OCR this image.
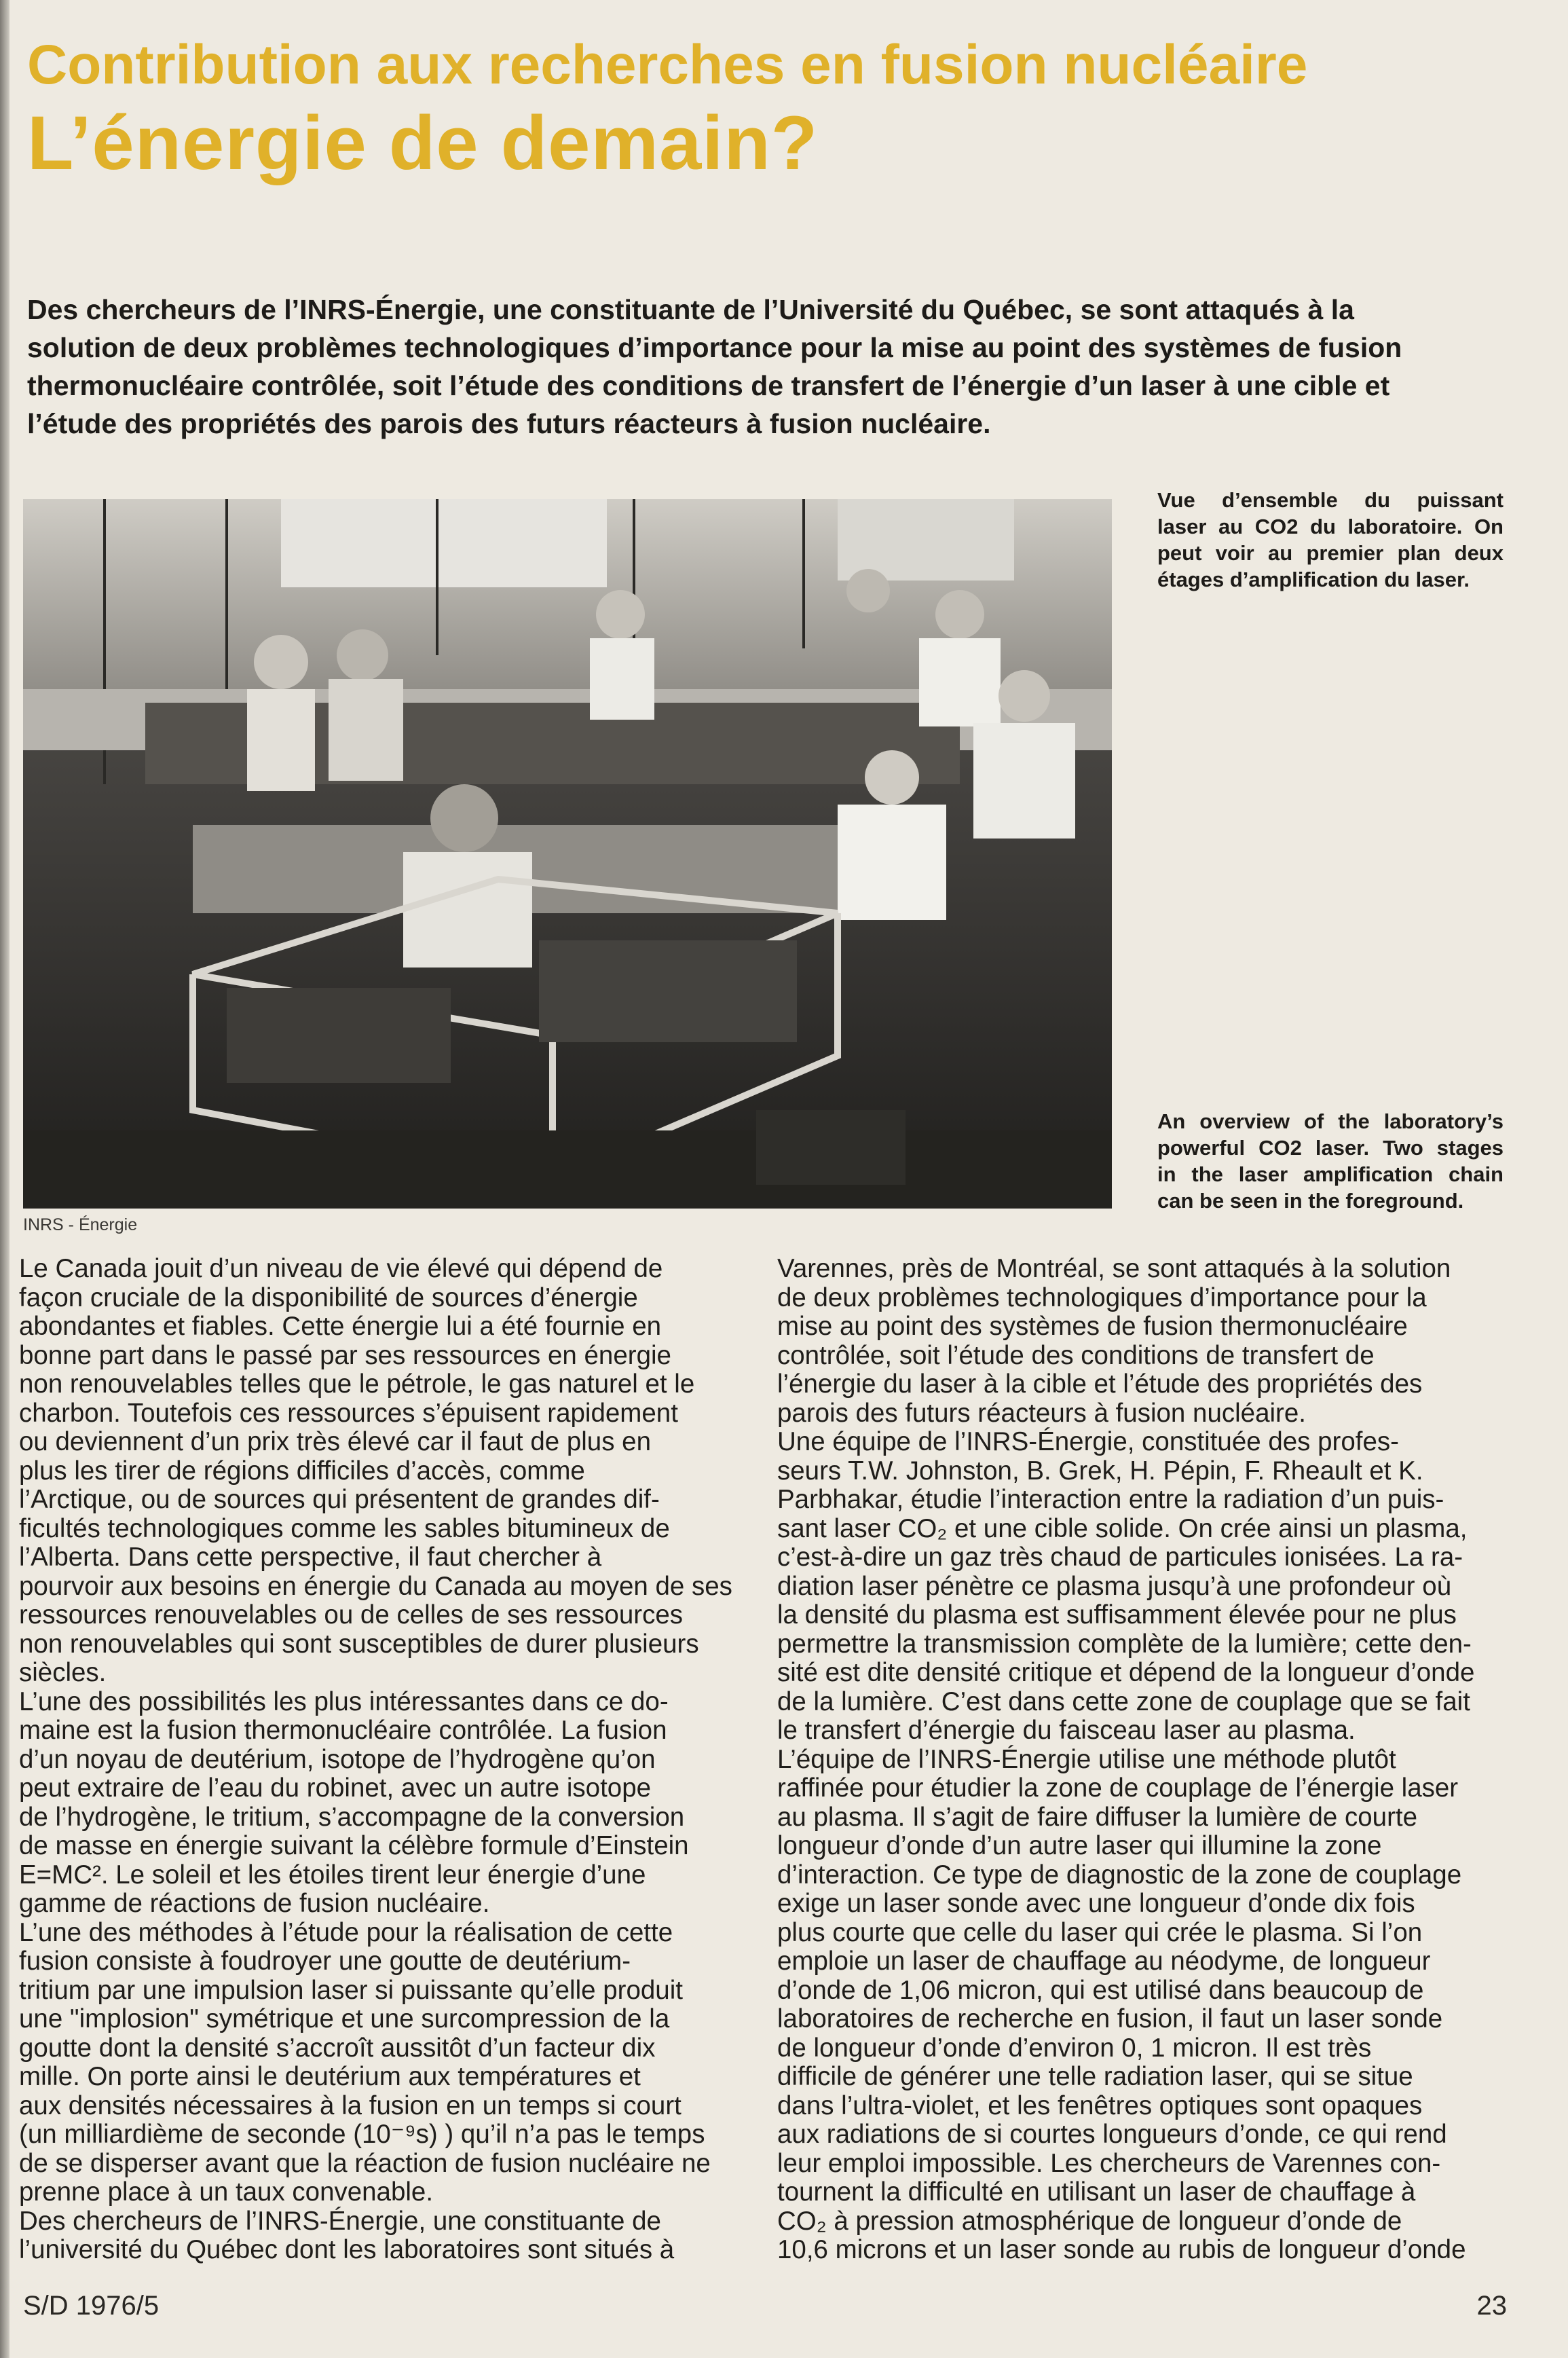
Contribution aux recherches en fusion nucléaire
L’énergie de demain?

Des chercheurs de l’INRS-Énergie, une constituante de l’Université du Québec, se sont attaqués à la
solution de deux problèmes technologiques d’importance pour la mise au point des systèmes de fusion
thermonucléaire contrôlée, soit l’étude des conditions de transfert de l’énergie d’un laser à une cible et
l’étude des propriétés des parois des futurs réacteurs à fusion nucléaire.

INRS - Énergie

Vue d’ensemble du puissant
laser au CO2 du laboratoire. On
peut voir au premier plan deux
étages d’amplification du laser.

An overview of the laboratory’s
powerful CO2 laser. Two stages
in the laser amplification chain
can be seen in the foreground.

Le Canada jouit d’un niveau de vie élevé qui dépend de
façon cruciale de la disponibilité de sources d’énergie
abondantes et fiables. Cette énergie lui a été fournie en
bonne part dans le passé par ses ressources en énergie
non renouvelables telles que le pétrole, le gas naturel et le
charbon. Toutefois ces ressources s’épuisent rapidement
ou deviennent d’un prix très élevé car il faut de plus en
plus les tirer de régions difficiles d’accès, comme
l’Arctique, ou de sources qui présentent de grandes dif-
ficultés technologiques comme les sables bitumineux de
l’Alberta. Dans cette perspective, il faut chercher à
pourvoir aux besoins en énergie du Canada au moyen de ses
ressources renouvelables ou de celles de ses ressources
non renouvelables qui sont susceptibles de durer plusieurs
siècles.
L’une des possibilités les plus intéressantes dans ce do-
maine est la fusion thermonucléaire contrôlée. La fusion
d’un noyau de deutérium, isotope de l’hydrogène qu’on
peut extraire de l’eau du robinet, avec un autre isotope
de l’hydrogène, le tritium, s’accompagne de la conversion
de masse en énergie suivant la célèbre formule d’Einstein
E=MC². Le soleil et les étoiles tirent leur énergie d’une
gamme de réactions de fusion nucléaire.
L’une des méthodes à l’étude pour la réalisation de cette
fusion consiste à foudroyer une goutte de deutérium-
tritium par une impulsion laser si puissante qu’elle produit
une "implosion" symétrique et une surcompression de la
goutte dont la densité s’accroît aussitôt d’un facteur dix
mille. On porte ainsi le deutérium aux températures et
aux densités nécessaires à la fusion en un temps si court
(un milliardième de seconde (10⁻⁹s) ) qu’il n’a pas le temps
de se disperser avant que la réaction de fusion nucléaire ne
prenne place à un taux convenable.
Des chercheurs de l’INRS-Énergie, une constituante de
l’université du Québec dont les laboratoires sont situés à
Varennes, près de Montréal, se sont attaqués à la solution
de deux problèmes technologiques d’importance pour la
mise au point des systèmes de fusion thermonucléaire
contrôlée, soit l’étude des conditions de transfert de
l’énergie du laser à la cible et l’étude des propriétés des
parois des futurs réacteurs à fusion nucléaire.
Une équipe de l’INRS-Énergie, constituée des profes-
seurs T.W. Johnston, B. Grek, H. Pépin, F. Rheault et K.
Parbhakar, étudie l’interaction entre la radiation d’un puis-
sant laser CO₂ et une cible solide. On crée ainsi un plasma,
c’est-à-dire un gaz très chaud de particules ionisées. La ra-
diation laser pénètre ce plasma jusqu’à une profondeur où
la densité du plasma est suffisamment élevée pour ne plus
permettre la transmission complète de la lumière; cette den-
sité est dite densité critique et dépend de la longueur d’onde
de la lumière. C’est dans cette zone de couplage que se fait
le transfert d’énergie du faisceau laser au plasma.
L’équipe de l’INRS-Énergie utilise une méthode plutôt
raffinée pour étudier la zone de couplage de l’énergie laser
au plasma. Il s’agit de faire diffuser la lumière de courte
longueur d’onde d’un autre laser qui illumine la zone
d’interaction. Ce type de diagnostic de la zone de couplage
exige un laser sonde avec une longueur d’onde dix fois
plus courte que celle du laser qui crée le plasma. Si l’on
emploie un laser de chauffage au néodyme, de longueur
d’onde de 1,06 micron, qui est utilisé dans beaucoup de
laboratoires de recherche en fusion, il faut un laser sonde
de longueur d’onde d’environ 0, 1 micron. Il est très
difficile de générer une telle radiation laser, qui se situe
dans l’ultra-violet, et les fenêtres optiques sont opaques
aux radiations de si courtes longueurs d’onde, ce qui rend
leur emploi impossible. Les chercheurs de Varennes con-
tournent la difficulté en utilisant un laser de chauffage à
CO₂ à pression atmosphérique de longueur d’onde de
10,6 microns et un laser sonde au rubis de longueur d’onde
S/D 1976/5	23
